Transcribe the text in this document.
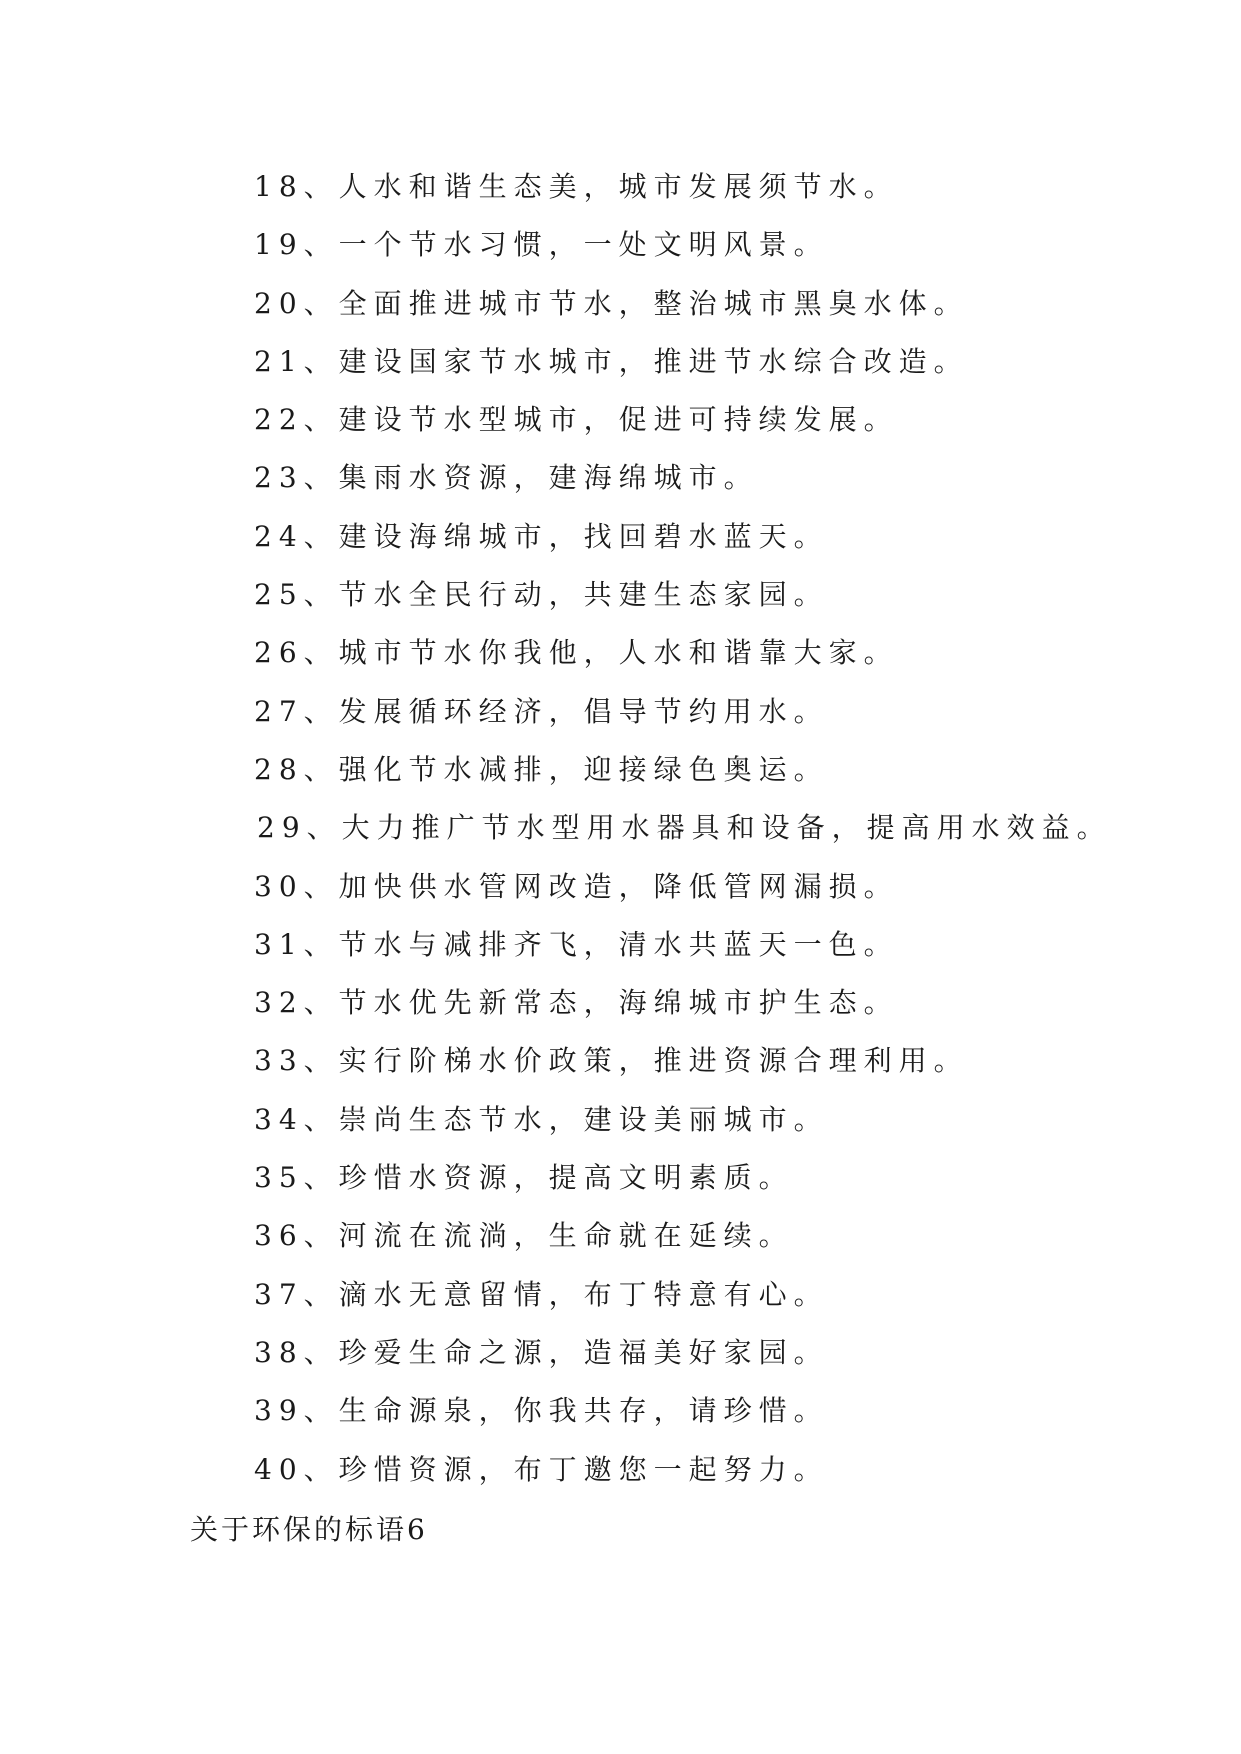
18、人水和谐生态美，城市发展须节水。
19、一个节水习惯，一处文明风景。
20、全面推进城市节水，整治城市黑臭水体。
21、建设国家节水城市，推进节水综合改造。
22、建设节水型城市，促进可持续发展。
23、集雨水资源，建海绵城市。
24、建设海绵城市，找回碧水蓝天。
25、节水全民行动，共建生态家园。
26、城市节水你我他，人水和谐靠大家。
27、发展循环经济，倡导节约用水。
28、强化节水减排，迎接绿色奥运。
29、大力推广节水型用水器具和设备，提高用水效益。
30、加快供水管网改造，降低管网漏损。
31、节水与减排齐飞，清水共蓝天一色。
32、节水优先新常态，海绵城市护生态。
33、实行阶梯水价政策，推进资源合理利用。
34、崇尚生态节水，建设美丽城市。
35、珍惜水资源，提高文明素质。
36、河流在流淌，生命就在延续。
37、滴水无意留情，布丁特意有心。
38、珍爱生命之源，造福美好家园。
39、生命源泉，你我共存，请珍惜。
40、珍惜资源，布丁邀您一起努力。
关于环保的标语6
